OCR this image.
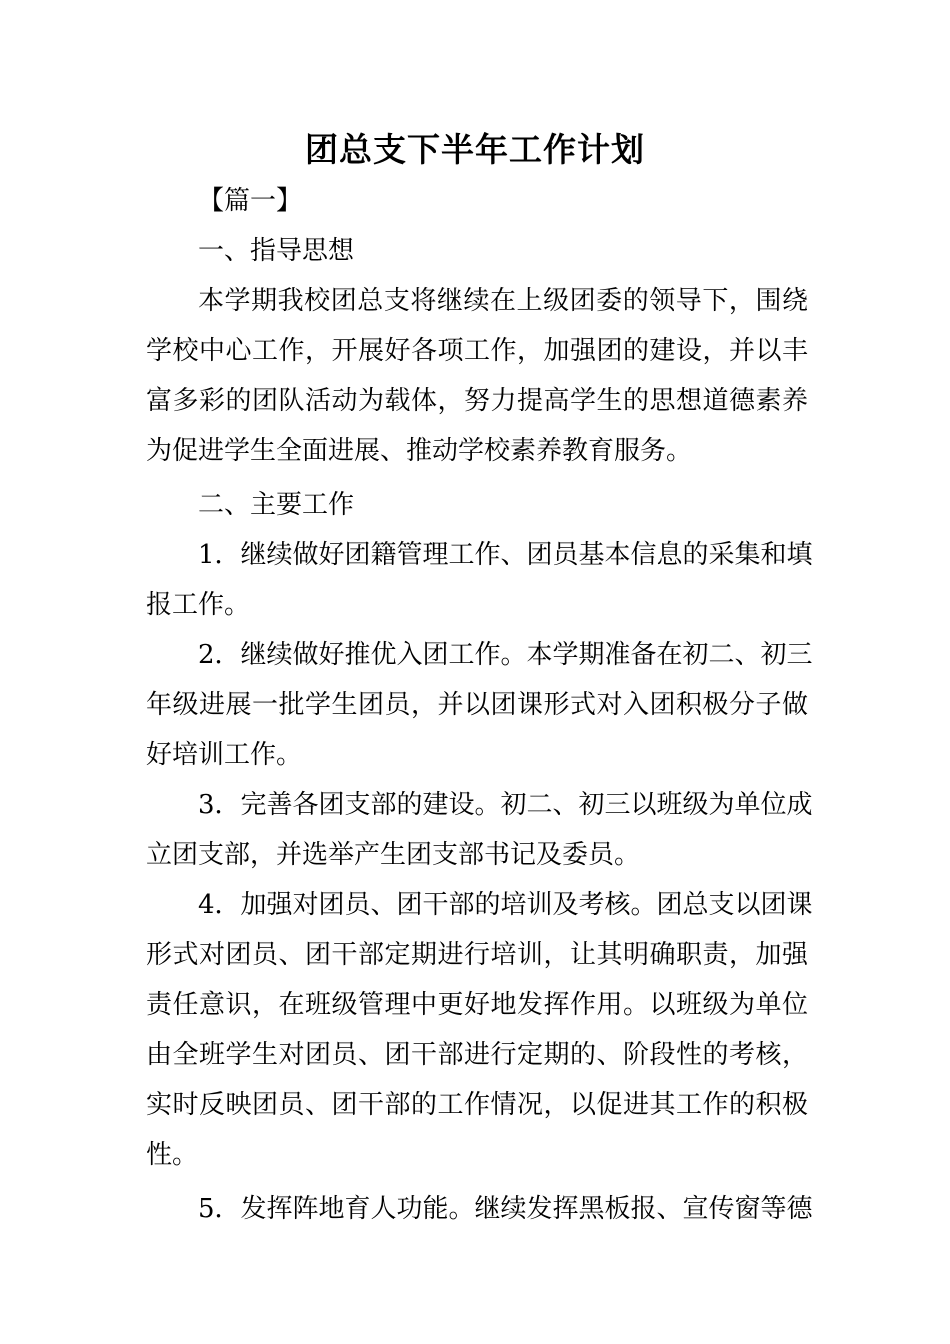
团总支下半年工作计划
【篇一】
一、指导思想
本学期我校团总支将继续在上级团委的领导下，围绕
学校中心工作，开展好各项工作，加强团的建设，并以丰
富多彩的团队活动为载体，努力提高学生的思想道德素养
为促进学生全面进展、推动学校素养教育服务。
二、主要工作
1．继续做好团籍管理工作、团员基本信息的采集和填
报工作。
2．继续做好推优入团工作。本学期准备在初二、初三
年级进展一批学生团员，并以团课形式对入团积极分子做
好培训工作。
3．完善各团支部的建设。初二、初三以班级为单位成
立团支部，并选举产生团支部书记及委员。
4．加强对团员、团干部的培训及考核。团总支以团课
形式对团员、团干部定期进行培训，让其明确职责，加强
责任意识，在班级管理中更好地发挥作用。以班级为单位
由全班学生对团员、团干部进行定期的、阶段性的考核，
实时反映团员、团干部的工作情况，以促进其工作的积极
性。
5．发挥阵地育人功能。继续发挥黑板报、宣传窗等德
